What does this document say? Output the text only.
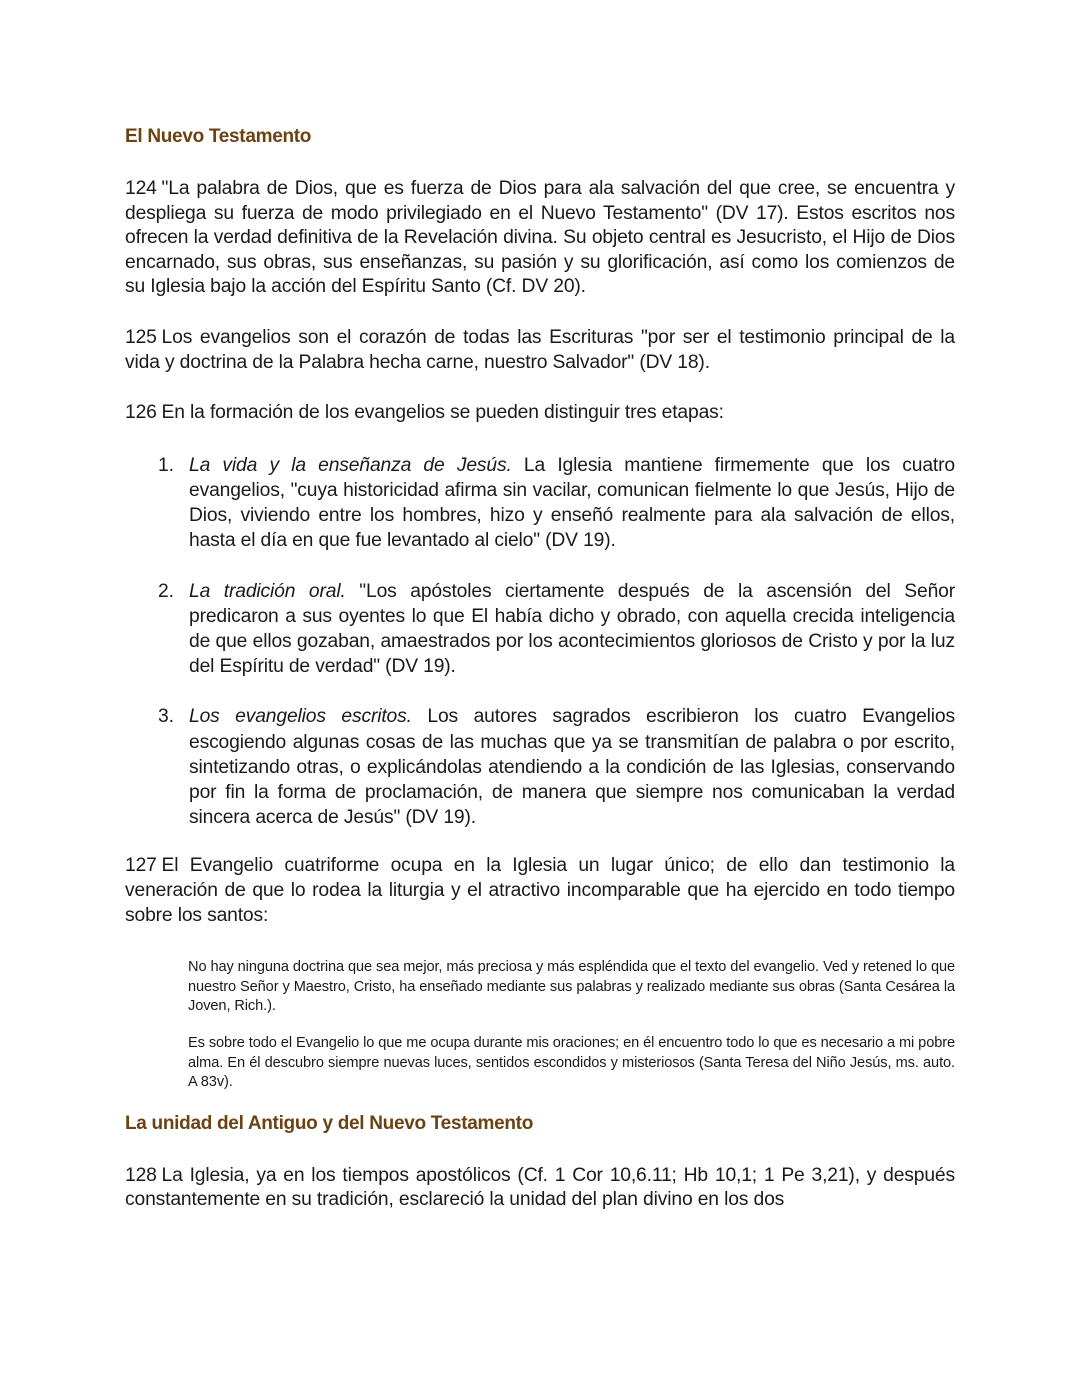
El Nuevo Testamento

124 "La palabra de Dios, que es fuerza de Dios para ala salvación del que cree, se encuentra y despliega su fuerza de modo privilegiado en el Nuevo Testamento" (DV 17). Estos escritos nos ofrecen la verdad definitiva de la Revelación divina. Su objeto central es Jesucristo, el Hijo de Dios encarnado, sus obras, sus enseñanzas, su pasión y su glorificación, así como los comienzos de su Iglesia bajo la acción del Espíritu Santo (Cf. DV 20).

125 Los evangelios son el corazón de todas las Escrituras "por ser el testimonio principal de la vida y doctrina de la Palabra hecha carne, nuestro Salvador" (DV 18).

126 En la formación de los evangelios se pueden distinguir tres etapas:

1. La vida y la enseñanza de Jesús. La Iglesia mantiene firmemente que los cuatro evangelios, "cuya historicidad afirma sin vacilar, comunican fielmente lo que Jesús, Hijo de Dios, viviendo entre los hombres, hizo y enseñó realmente para ala salvación de ellos, hasta el día en que fue levantado al cielo" (DV 19).
2. La tradición oral. "Los apóstoles ciertamente después de la ascensión del Señor predicaron a sus oyentes lo que El había dicho y obrado, con aquella crecida inteligencia de que ellos gozaban, amaestrados por los acontecimientos gloriosos de Cristo y por la luz del Espíritu de verdad" (DV 19).
3. Los evangelios escritos. Los autores sagrados escribieron los cuatro Evangelios escogiendo algunas cosas de las muchas que ya se transmitían de palabra o por escrito, sintetizando otras, o explicándolas atendiendo a la condición de las Iglesias, conservando por fin la forma de proclamación, de manera que siempre nos comunicaban la verdad sincera acerca de Jesús" (DV 19).

127 El Evangelio cuatriforme ocupa en la Iglesia un lugar único; de ello dan testimonio la veneración de que lo rodea la liturgia y el atractivo incomparable que ha ejercido en todo tiempo sobre los santos:

No hay ninguna doctrina que sea mejor, más preciosa y más espléndida que el texto del evangelio. Ved y retened lo que nuestro Señor y Maestro, Cristo, ha enseñado mediante sus palabras y realizado mediante sus obras (Santa Cesárea la Joven, Rich.).
Es sobre todo el Evangelio lo que me ocupa durante mis oraciones; en él encuentro todo lo que es necesario a mi pobre alma. En él descubro siempre nuevas luces, sentidos escondidos y misteriosos (Santa Teresa del Niño Jesús, ms. auto. A 83v).
La unidad del Antiguo y del Nuevo Testamento

128 La Iglesia, ya en los tiempos apostólicos (Cf. 1 Cor 10,6.11; Hb 10,1; 1 Pe 3,21), y después constantemente en su tradición, esclareció la unidad del plan divino en los dos
